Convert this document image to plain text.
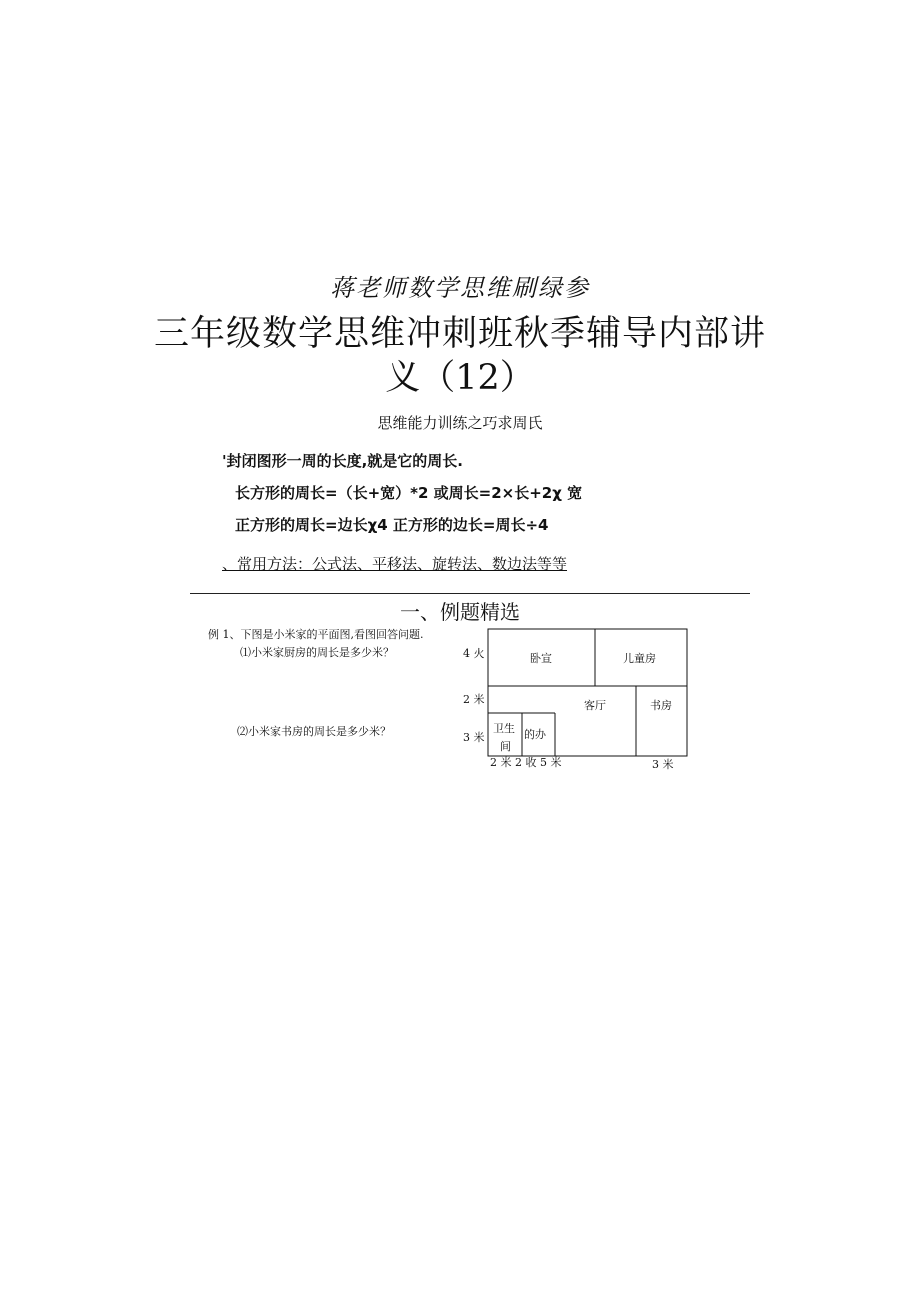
蒋老师数学思维刷绿参
三年级数学思维冲刺班秋季辅导内部讲
义（12）
思维能力训练之巧求周氏
'封闭图形一周的长度,就是它的周长.
长方形的周长=（长+宽）*2 或周长=2×长+2χ 宽
正方形的周长=边长χ4 正方形的边长=周长÷4
、常用方法：公式法、平移法、旋转法、数边法等等
一、例题精选
例 1、下图是小米家的平面图,看图回答问题.
⑴小米家厨房的周长是多少米？
⑵小米家书房的周长是多少米？
卧宣	儿童房
客厅	书房
卫生
间
的办
4 火
2 米
3 米
2 米 2 收 5 米	3 米
